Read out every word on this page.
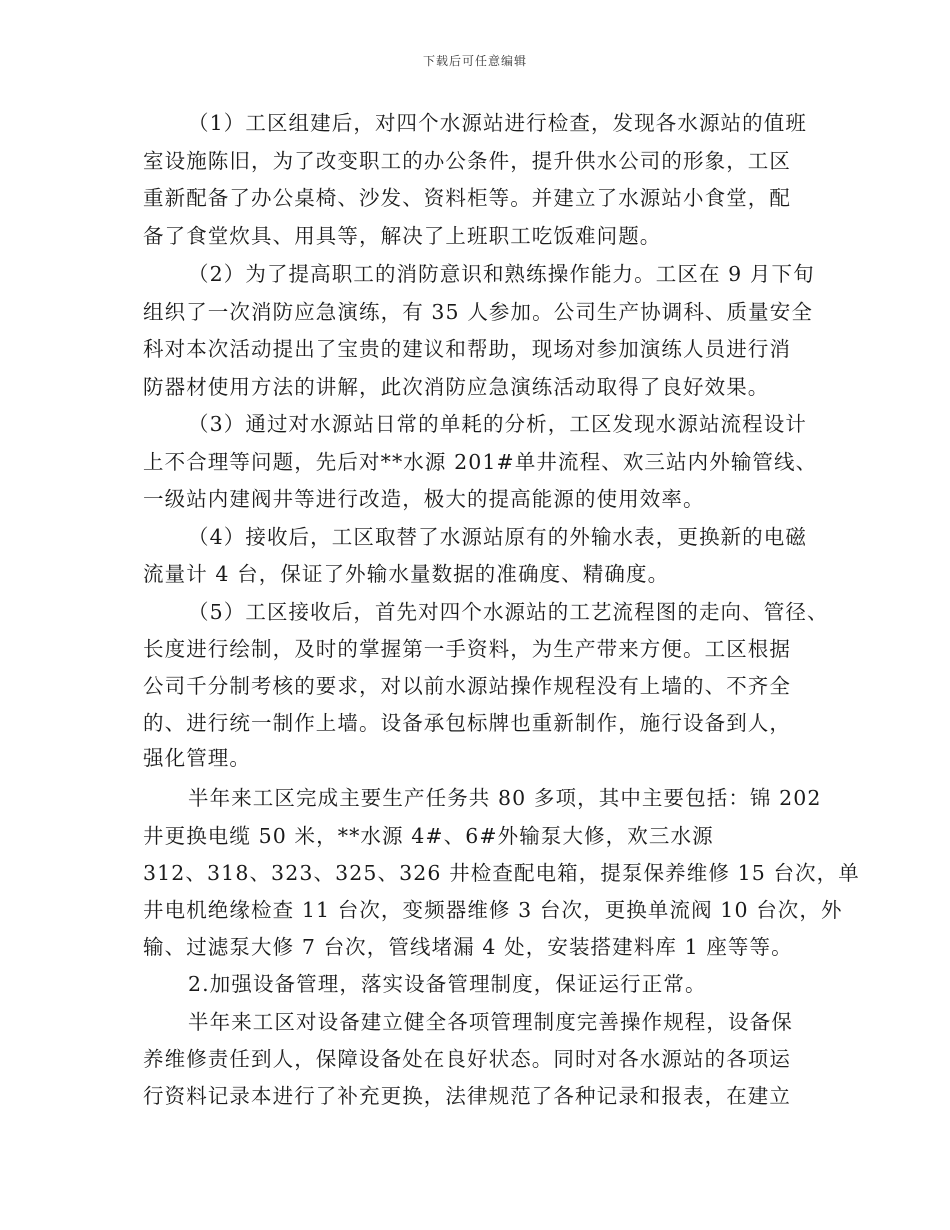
下载后可任意编辑
（1）工区组建后，对四个水源站进行检查，发现各水源站的值班
室设施陈旧，为了改变职工的办公条件，提升供水公司的形象，工区
重新配备了办公桌椅、沙发、资料柜等。并建立了水源站小食堂，配
备了食堂炊具、用具等，解决了上班职工吃饭难问题。
（2）为了提高职工的消防意识和熟练操作能力。工区在 9 月下旬
组织了一次消防应急演练，有 35 人参加。公司生产协调科、质量安全
科对本次活动提出了宝贵的建议和帮助，现场对参加演练人员进行消
防器材使用方法的讲解，此次消防应急演练活动取得了良好效果。
（3）通过对水源站日常的单耗的分析，工区发现水源站流程设计
上不合理等问题，先后对**水源 201#单井流程、欢三站内外输管线、
一级站内建阀井等进行改造，极大的提高能源的使用效率。
（4）接收后，工区取替了水源站原有的外输水表，更换新的电磁
流量计 4 台，保证了外输水量数据的准确度、精确度。
（5）工区接收后，首先对四个水源站的工艺流程图的走向、管径、
长度进行绘制，及时的掌握第一手资料，为生产带来方便。工区根据
公司千分制考核的要求，对以前水源站操作规程没有上墙的、不齐全
的、进行统一制作上墙。设备承包标牌也重新制作，施行设备到人，
强化管理。
半年来工区完成主要生产任务共 80 多项，其中主要包括：锦 202
井更换电缆 50 米，**水源 4#、6#外输泵大修，欢三水源
312、318、323、325、326 井检查配电箱，提泵保养维修 15 台次，单
井电机绝缘检查 11 台次，变频器维修 3 台次，更换单流阀 10 台次，外
输、过滤泵大修 7 台次，管线堵漏 4 处，安装搭建料库 1 座等等。
2.加强设备管理，落实设备管理制度，保证运行正常。
半年来工区对设备建立健全各项管理制度完善操作规程，设备保
养维修责任到人，保障设备处在良好状态。同时对各水源站的各项运
行资料记录本进行了补充更换，法律规范了各种记录和报表，在建立
